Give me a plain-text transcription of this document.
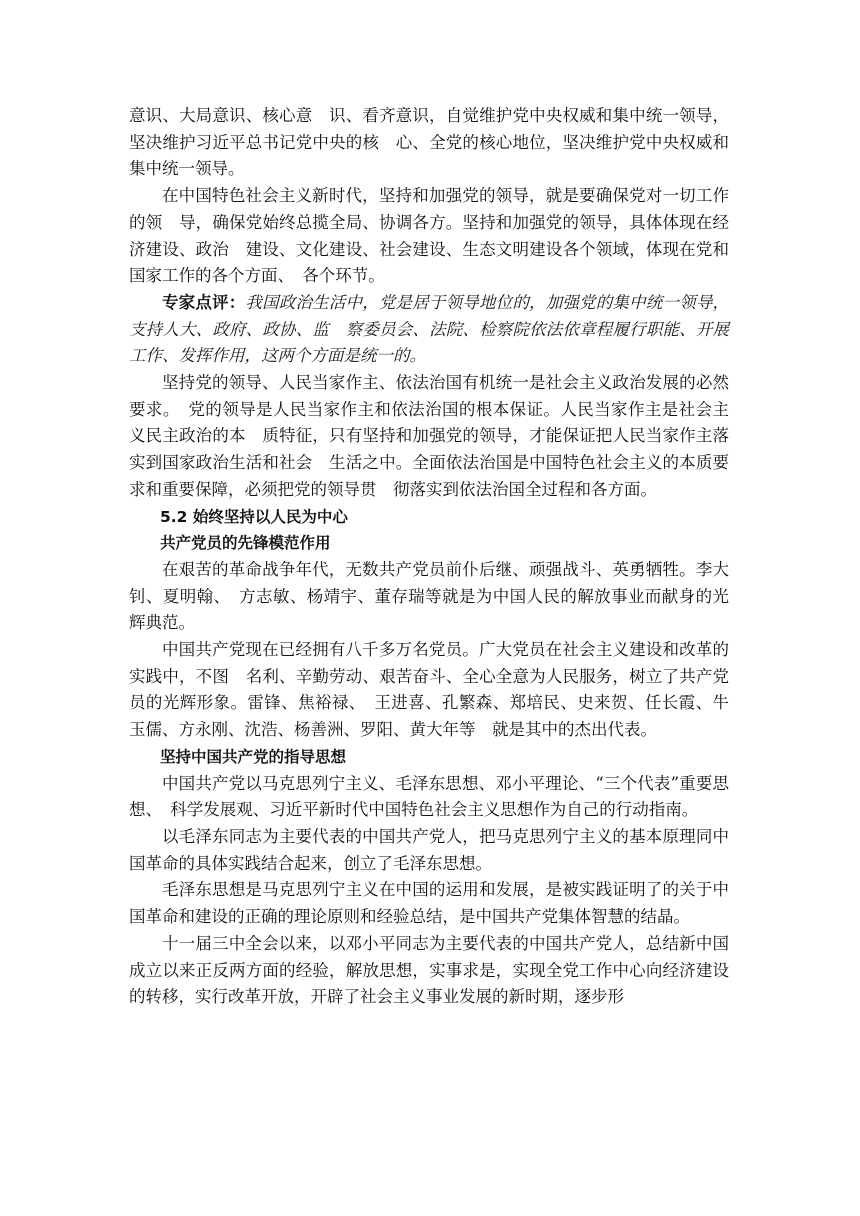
意识、大局意识、核心意　识、看齐意识，自觉维护党中央权威和集中统一领导，坚决维护习近平总书记党中央的核　心、全党的核心地位，坚决维护党中央权威和集中统一领导。

在中国特色社会主义新时代，坚持和加强党的领导，就是要确保党对一切工作的领　导，确保党始终总揽全局、协调各方。坚持和加强党的领导，具体体现在经济建设、政治　建设、文化建设、社会建设、生态文明建设各个领域，体现在党和国家工作的各个方面、　各个环节。

专家点评：我国政治生活中，党是居于领导地位的，加强党的集中统一领导，支持人大、政府、政协、监　察委员会、法院、检察院依法依章程履行职能、开展工作、发挥作用，这两个方面是统一的。

坚持党的领导、人民当家作主、依法治国有机统一是社会主义政治发展的必然要求。　党的领导是人民当家作主和依法治国的根本保证。人民当家作主是社会主义民主政治的本　质特征，只有坚持和加强党的领导，才能保证把人民当家作主落实到国家政治生活和社会　生活之中。全面依法治国是中国特色社会主义的本质要求和重要保障，必须把党的领导贯　彻落实到依法治国全过程和各方面。

5.2 始终坚持以人民为中心

共产党员的先锋模范作用

在艰苦的革命战争年代，无数共产党员前仆后继、顽强战斗、英勇牺牲。李大钊、夏明翰、　方志敏、杨靖宇、董存瑞等就是为中国人民的解放事业而献身的光辉典范。

中国共产党现在已经拥有八千多万名党员。广大党员在社会主义建设和改革的实践中，不图　名利、辛勤劳动、艰苦奋斗、全心全意为人民服务，树立了共产党员的光辉形象。雷锋、焦裕禄、　王进喜、孔繁森、郑培民、史来贺、任长霞、牛玉儒、方永刚、沈浩、杨善洲、罗阳、黄大年等　就是其中的杰出代表。

坚持中国共产党的指导思想

中国共产党以马克思列宁主义、毛泽东思想、邓小平理论、“三个代表”重要思想、　科学发展观、习近平新时代中国特色社会主义思想作为自己的行动指南。

以毛泽东同志为主要代表的中国共产党人，把马克思列宁主义的基本原理同中国革命的具体实践结合起来，创立了毛泽东思想。

毛泽东思想是马克思列宁主义在中国的运用和发展，是被实践证明了的关于中国革命和建设的正确的理论原则和经验总结，是中国共产党集体智慧的结晶。

十一届三中全会以来，以邓小平同志为主要代表的中国共产党人，总结新中国成立以来正反两方面的经验，解放思想，实事求是，实现全党工作中心向经济建设的转移，实行改革开放，开辟了社会主义事业发展的新时期，逐步形
